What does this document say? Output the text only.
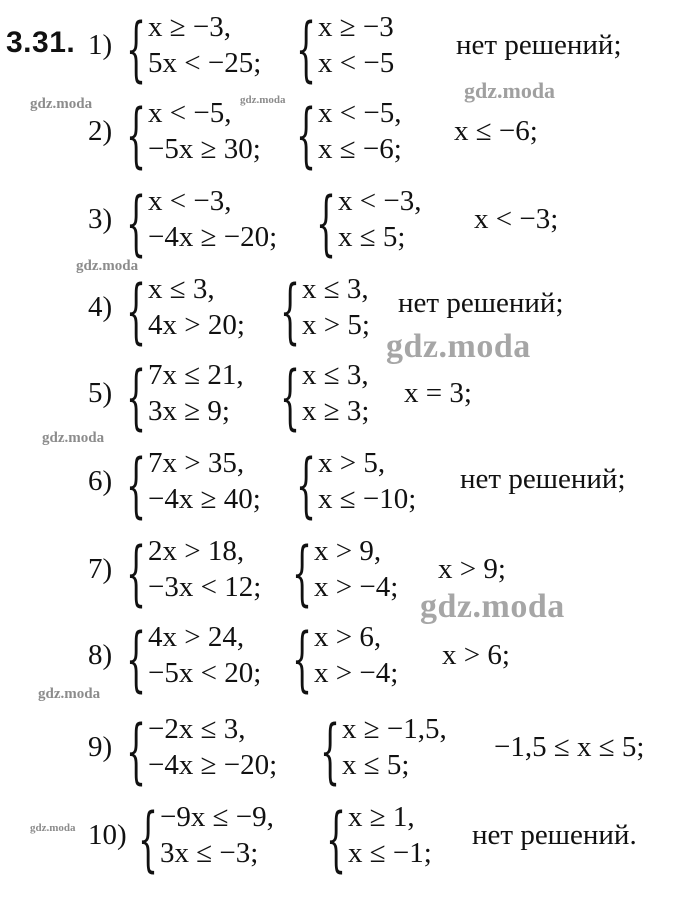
3.31. 1) { x ≥ −3,
5x < −25; { x ≥ −3
x < −5
нет решений;
2) { x < −5,
−5x ≥ 30; { x < −5,
x ≤ −6;
x ≤ −6;
3) { x < −3,
−4x ≥ −20; { x < −3,
x ≤ 5;
x < −3;
4) { x ≤ 3,
4x > 20; { x ≤ 3,
x > 5;
нет решений;
5) { 7x ≤ 21,
3x ≥ 9; { x ≤ 3,
x ≥ 3;
x = 3;
6) { 7x > 35,
−4x ≥ 40; { x > 5,
x ≤ −10;
нет решений;
7) { 2x > 18,
−3x < 12; { x > 9,
x > −4;
x > 9;
8) { 4x > 24,
−5x < 20; { x > 6,
x > −4;
x > 6;
9) { −2x ≤ 3,
−4x ≥ −20; { x ≥ −1,5,
x ≤ 5;
−1,5 ≤ x ≤ 5;
10) { −9x ≤ −9,
3x ≤ −3; { x ≥ 1,
x ≤ −1;
нет решений.
gdz.moda	gdz.moda	gdz.moda
gdz.moda
gdz.moda
gdz.moda
gdz.moda
gdz.moda
gdz.moda
